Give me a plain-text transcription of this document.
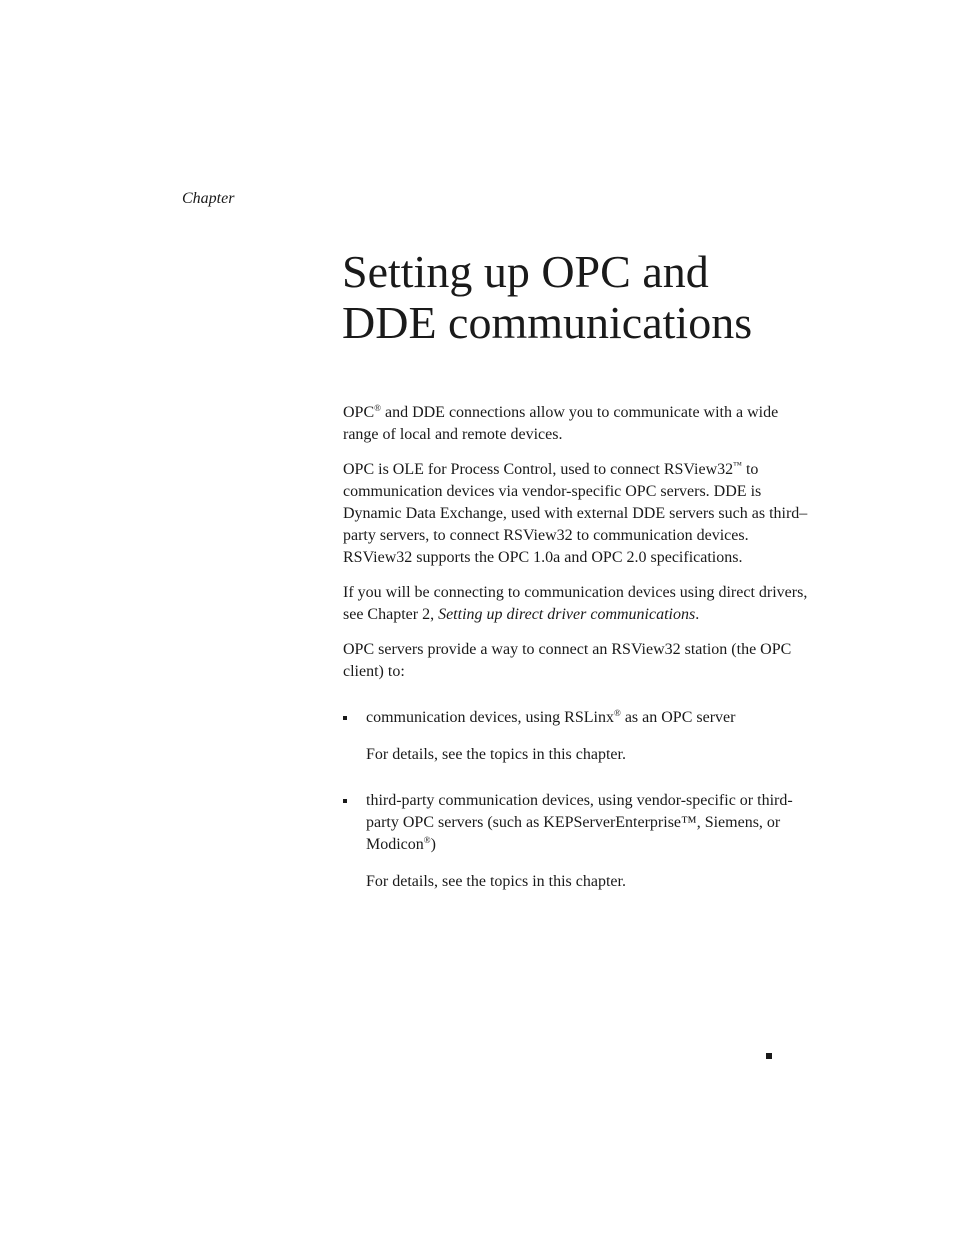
Chapter
Setting up OPC and
DDE communications

OPC® and DDE connections allow you to communicate with a wide range of local and remote devices.

OPC is OLE for Process Control, used to connect RSView32™ to communication devices via vendor-specific OPC servers. DDE is Dynamic Data Exchange, used with external DDE servers such as third–party servers, to connect RSView32 to communication devices. RSView32 supports the OPC 1.0a and OPC 2.0 specifications.

If you will be connecting to communication devices using direct drivers, see Chapter 2, Setting up direct driver communications.

OPC servers provide a way to connect an RSView32 station (the OPC client) to:

communication devices, using RSLinx® as an OPC server
For details, see the topics in this chapter.
third-party communication devices, using vendor-specific or third-party OPC servers (such as KEPServerEnterprise™, Siemens, or Modicon®)
For details, see the topics in this chapter.
